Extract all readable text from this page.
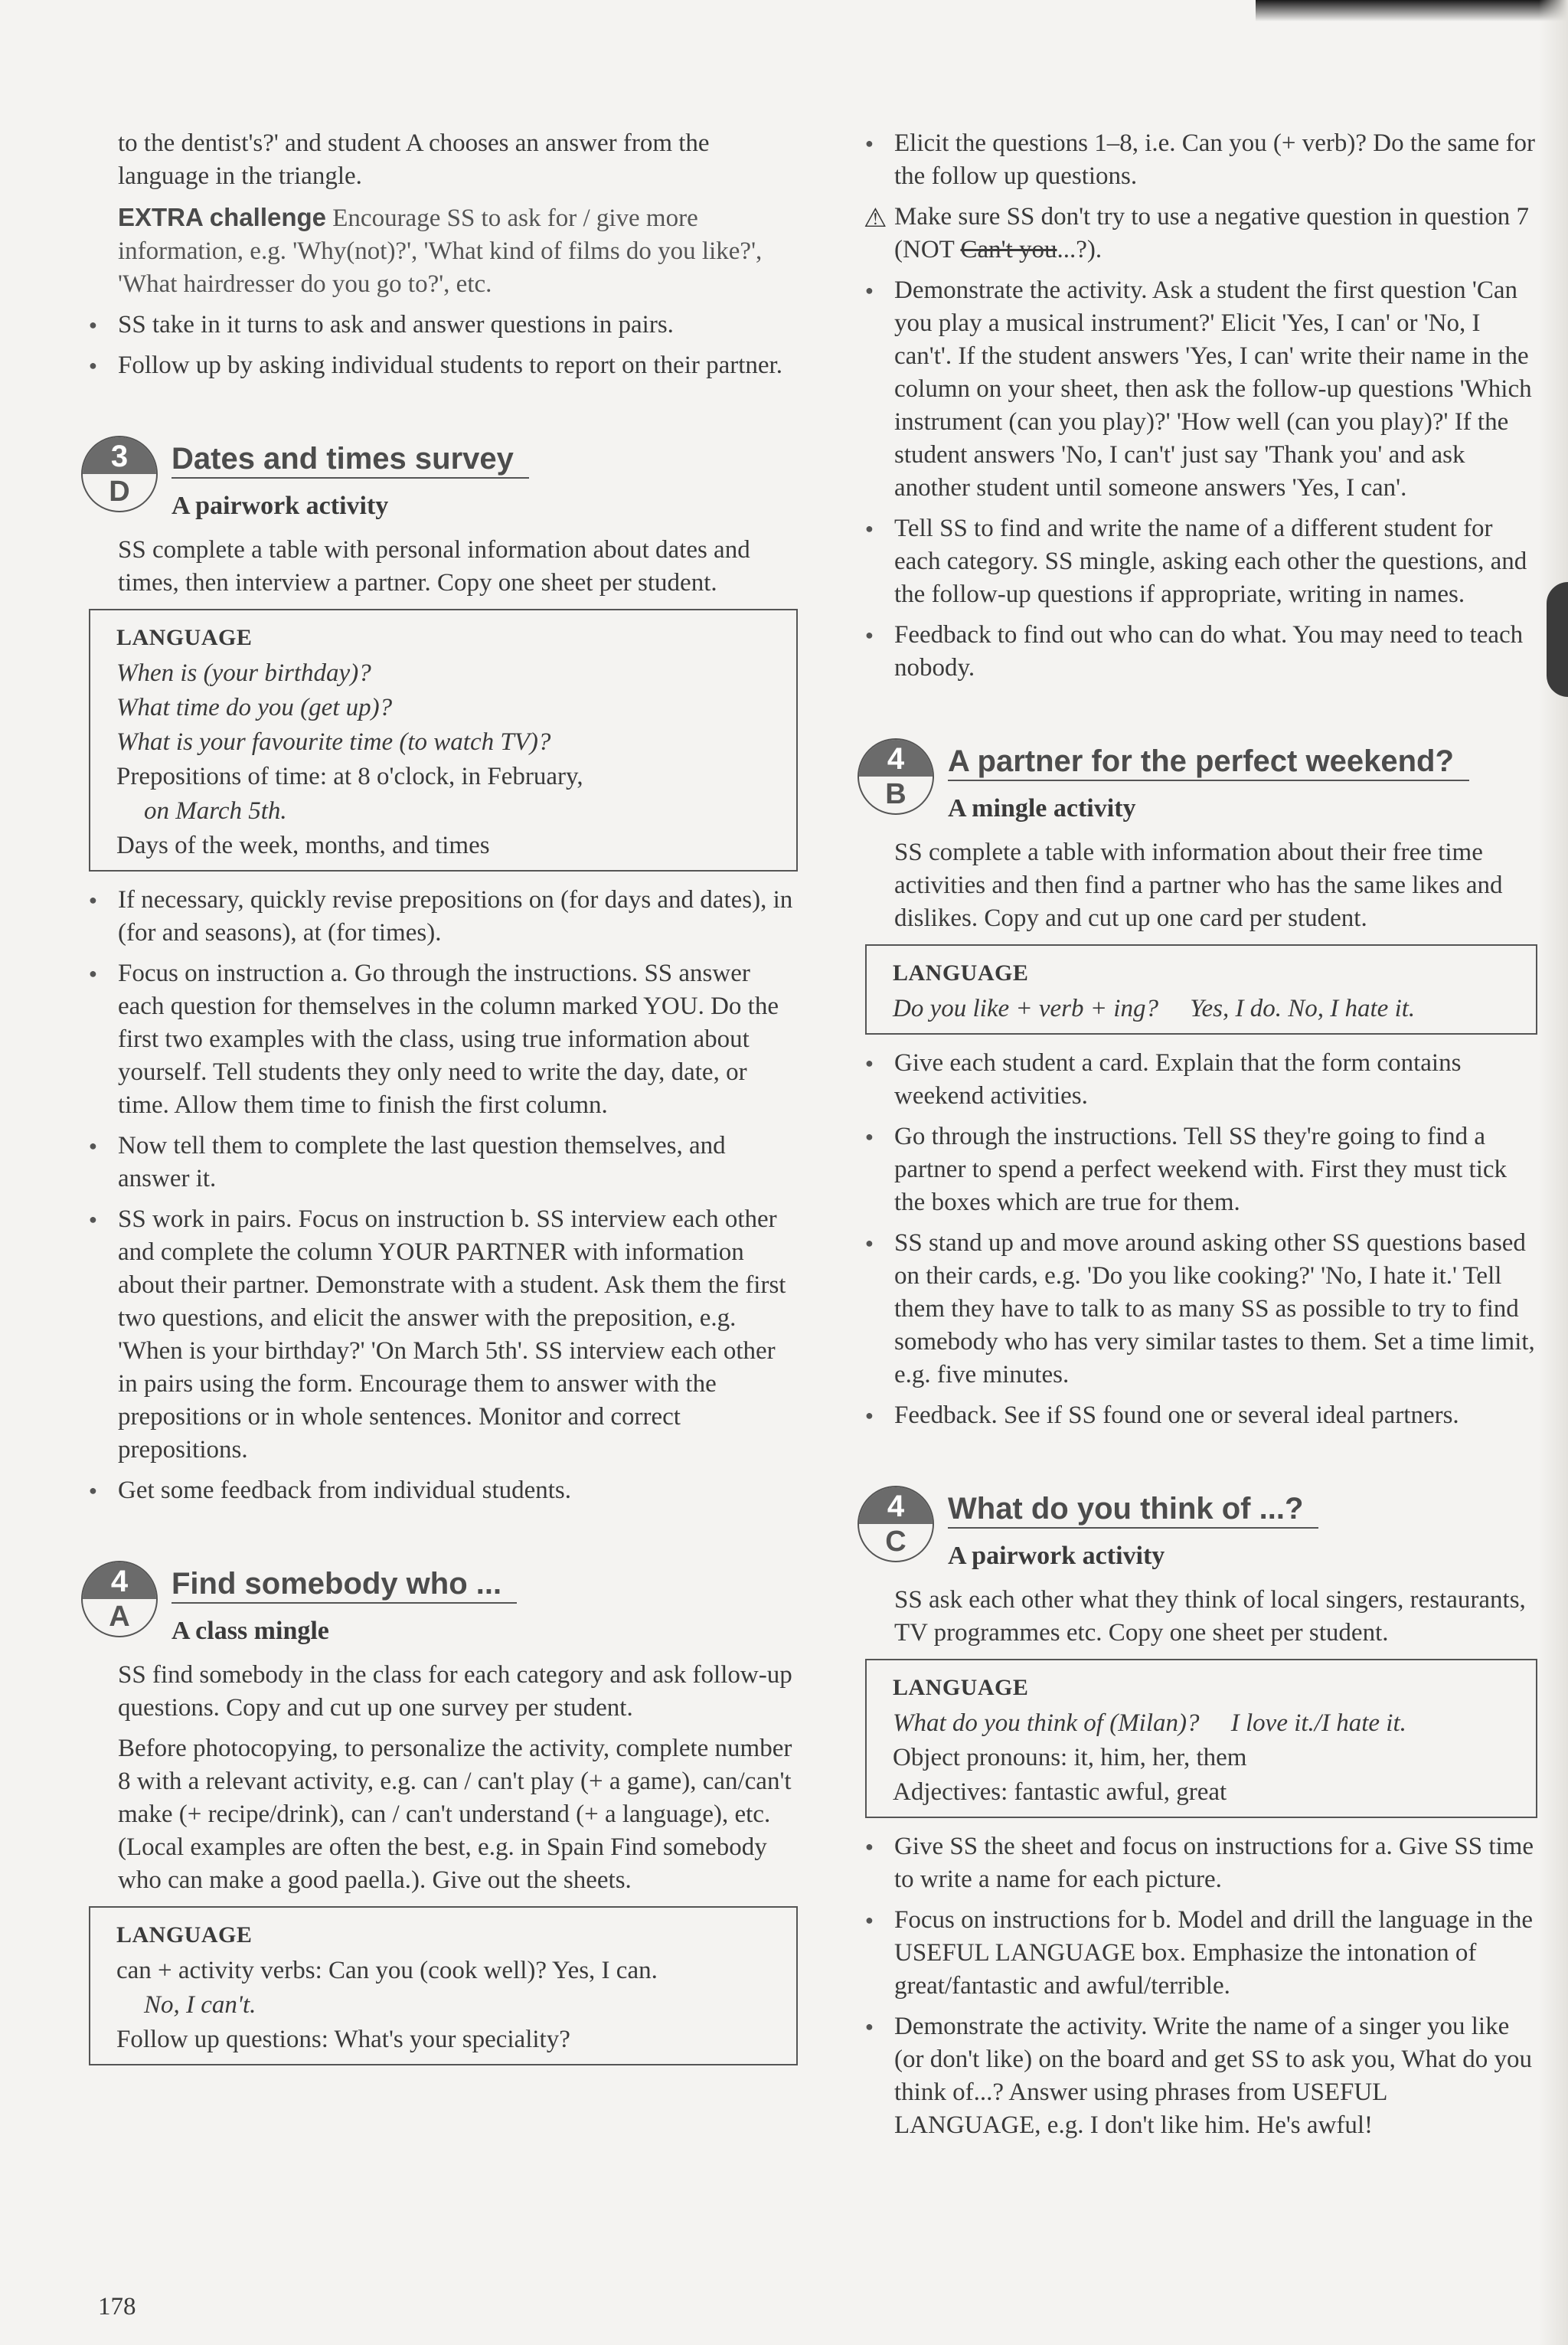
to the dentist's?' and student A chooses an answer from the language in the triangle.

EXTRA challenge Encourage SS to ask for / give more information, e.g. 'Why(not)?', 'What kind of films do you like?', 'What hairdresser do you go to?', etc.

● SS take in it turns to ask and answer questions in pairs.
● Follow up by asking individual students to report on their partner.
3
D
Dates and times survey
A pairwork activity

SS complete a table with personal information about dates and times, then interview a partner. Copy one sheet per student.

LANGUAGE

When is (your birthday)?

What time do you (get up)?

What is your favourite time (to watch TV)?

Prepositions of time: at 8 o'clock, in February,

on March 5th.

Days of the week, months, and times

● If necessary, quickly revise prepositions on (for days and dates), in (for and seasons), at (for times).
● Focus on instruction a. Go through the instructions. SS answer each question for themselves in the column marked YOU. Do the first two examples with the class, using true information about yourself. Tell students they only need to write the day, date, or time. Allow them time to finish the first column.
● Now tell them to complete the last question themselves, and answer it.
● SS work in pairs. Focus on instruction b. SS interview each other and complete the column YOUR PARTNER with information about their partner. Demonstrate with a student. Ask them the first two questions, and elicit the answer with the preposition, e.g. 'When is your birthday?' 'On March 5th'. SS interview each other in pairs using the form. Encourage them to answer with the prepositions or in whole sentences. Monitor and correct prepositions.
● Get some feedback from individual students.
4
A
Find somebody who ...
A class mingle

SS find somebody in the class for each category and ask follow-up questions. Copy and cut up one survey per student.

Before photocopying, to personalize the activity, complete number 8 with a relevant activity, e.g. can / can't play (+ a game), can/can't make (+ recipe/drink), can / can't understand (+ a language), etc. (Local examples are often the best, e.g. in Spain Find somebody who can make a good paella.). Give out the sheets.

LANGUAGE

can + activity verbs: Can you (cook well)? Yes, I can.

No, I can't.

Follow up questions: What's your speciality?

● Elicit the questions 1–8, i.e. Can you (+ verb)? Do the same for the follow up questions.
⚠ Make sure SS don't try to use a negative question in question 7 (NOT Can't you...?).
● Demonstrate the activity. Ask a student the first question 'Can you play a musical instrument?' Elicit 'Yes, I can' or 'No, I can't'. If the student answers 'Yes, I can' write their name in the column on your sheet, then ask the follow-up questions 'Which instrument (can you play)?' 'How well (can you play)?' If the student answers 'No, I can't' just say 'Thank you' and ask another student until someone answers 'Yes, I can'.
● Tell SS to find and write the name of a different student for each category. SS mingle, asking each other the questions, and the follow-up questions if appropriate, writing in names.
● Feedback to find out who can do what. You may need to teach nobody.
4
B
A partner for the perfect weekend?
A mingle activity

SS complete a table with information about their free time activities and then find a partner who has the same likes and dislikes. Copy and cut up one card per student.

LANGUAGE

Do you like + verb + ing?     Yes, I do. No, I hate it.

● Give each student a card. Explain that the form contains weekend activities.
● Go through the instructions. Tell SS they're going to find a partner to spend a perfect weekend with. First they must tick the boxes which are true for them.
● SS stand up and move around asking other SS questions based on their cards, e.g. 'Do you like cooking?' 'No, I hate it.' Tell them they have to talk to as many SS as possible to try to find somebody who has very similar tastes to them. Set a time limit, e.g. five minutes.
● Feedback. See if SS found one or several ideal partners.
4
C
What do you think of ...?
A pairwork activity

SS ask each other what they think of local singers, restaurants, TV programmes etc. Copy one sheet per student.

LANGUAGE

What do you think of (Milan)?     I love it./I hate it.

Object pronouns: it, him, her, them

Adjectives: fantastic awful, great

● Give SS the sheet and focus on instructions for a. Give SS time to write a name for each picture.
● Focus on instructions for b. Model and drill the language in the USEFUL LANGUAGE box. Emphasize the intonation of great/fantastic and awful/terrible.
● Demonstrate the activity. Write the name of a singer you like (or don't like) on the board and get SS to ask you, What do you think of...? Answer using phrases from USEFUL LANGUAGE, e.g. I don't like him. He's awful!
178
